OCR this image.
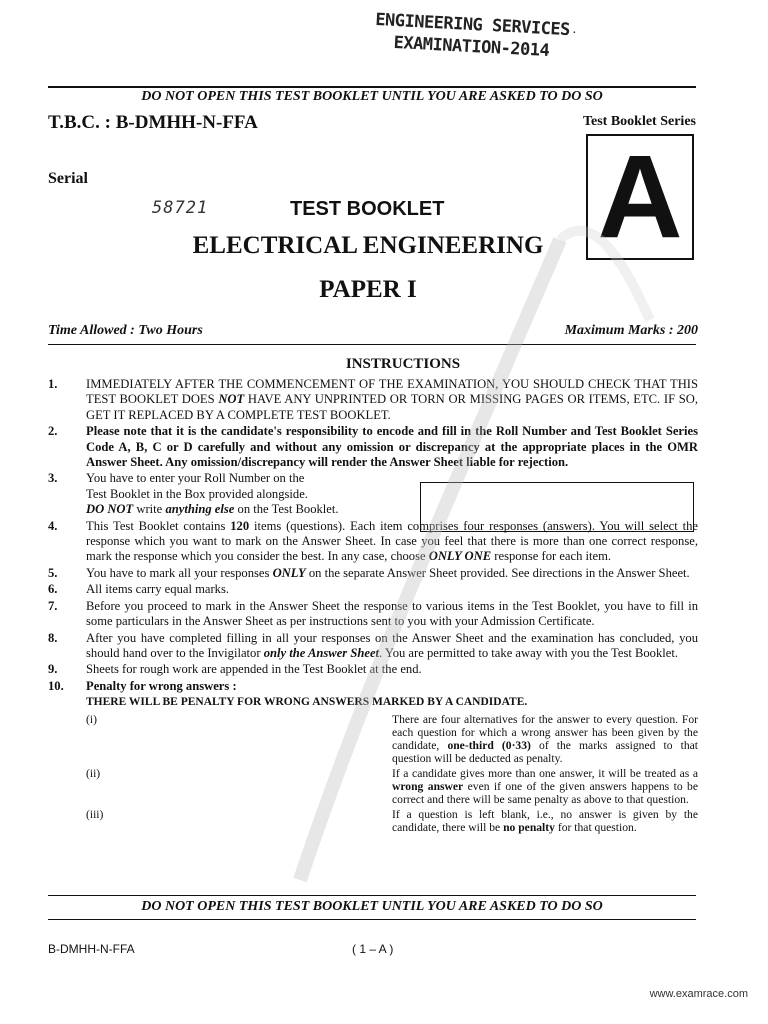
ENGINEERING SERVICES
EXAMINATION-2014	·
DO NOT OPEN THIS TEST BOOKLET UNTIL YOU ARE ASKED TO DO SO
T.B.C. : B-DMHH-N-FFA	Test Booklet Series
A
Serial
58721	TEST BOOKLET
ELECTRICAL ENGINEERING
PAPER I
Time Allowed : Two Hours	Maximum Marks : 200
INSTRUCTIONS
1.	IMMEDIATELY AFTER THE COMMENCEMENT OF THE EXAMINATION, YOU SHOULD CHECK THAT THIS TEST BOOKLET DOES NOT HAVE ANY UNPRINTED OR TORN OR MISSING PAGES OR ITEMS, ETC. IF SO, GET IT REPLACED BY A COMPLETE TEST BOOKLET.
2.	Please note that it is the candidate's responsibility to encode and fill in the Roll Number and Test Booklet Series Code A, B, C or D carefully and without any omission or discrepancy at the appropriate places in the OMR Answer Sheet. Any omission/discrepancy will render the Answer Sheet liable for rejection.
3.	You have to enter your Roll Number on the
Test Booklet in the Box provided alongside.
DO NOT write anything else on the Test Booklet.
4.	This Test Booklet contains 120 items (questions). Each item comprises four responses (answers). You will select the response which you want to mark on the Answer Sheet. In case you feel that there is more than one correct response, mark the response which you consider the best. In any case, choose ONLY ONE response for each item.
5.	You have to mark all your responses ONLY on the separate Answer Sheet provided. See directions in the Answer Sheet.
6.	All items carry equal marks.
7.	Before you proceed to mark in the Answer Sheet the response to various items in the Test Booklet, you have to fill in some particulars in the Answer Sheet as per instructions sent to you with your Admission Certificate.
8.	After you have completed filling in all your responses on the Answer Sheet and the examination has concluded, you should hand over to the Invigilator only the Answer Sheet. You are permitted to take away with you the Test Booklet.
9.	Sheets for rough work are appended in the Test Booklet at the end.
10.	Penalty for wrong answers :
THERE WILL BE PENALTY FOR WRONG ANSWERS MARKED BY A CANDIDATE.
(i)	There are four alternatives for the answer to every question. For each question for which a wrong answer has been given by the candidate, one-third (0·33) of the marks assigned to that question will be deducted as penalty.
(ii)	If a candidate gives more than one answer, it will be treated as a wrong answer even if one of the given answers happens to be correct and there will be same penalty as above to that question.
(iii)	If a question is left blank, i.e., no answer is given by the candidate, there will be no penalty for that question.
DO NOT OPEN THIS TEST BOOKLET UNTIL YOU ARE ASKED TO DO SO
B-DMHH-N-FFA	( 1 – A )
www.examrace.com
